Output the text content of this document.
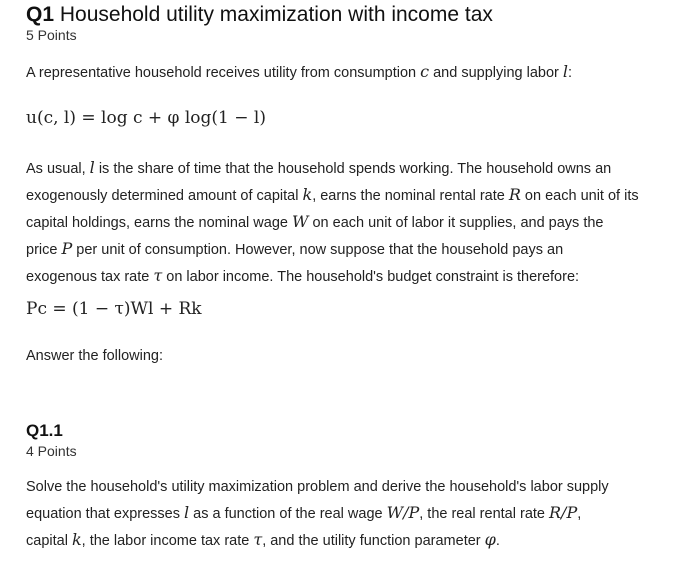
Q1 Household utility maximization with income tax
5 Points
A representative household receives utility from consumption c and supplying labor l:
u(c, l) = log c + φ log(1 − l)
As usual, l is the share of time that the household spends working. The household owns an
exogenously determined amount of capital k, earns the nominal rental rate R on each unit of its
capital holdings, earns the nominal wage W on each unit of labor it supplies, and pays the
price P per unit of consumption. However, now suppose that the household pays an
exogenous tax rate τ on labor income. The household's budget constraint is therefore:
Pc = (1 − τ)Wl + Rk
Answer the following:
Q1.1
4 Points
Solve the household's utility maximization problem and derive the household's labor supply
equation that expresses l as a function of the real wage W/P, the real rental rate R/P,
capital k, the labor income tax rate τ, and the utility function parameter φ.
